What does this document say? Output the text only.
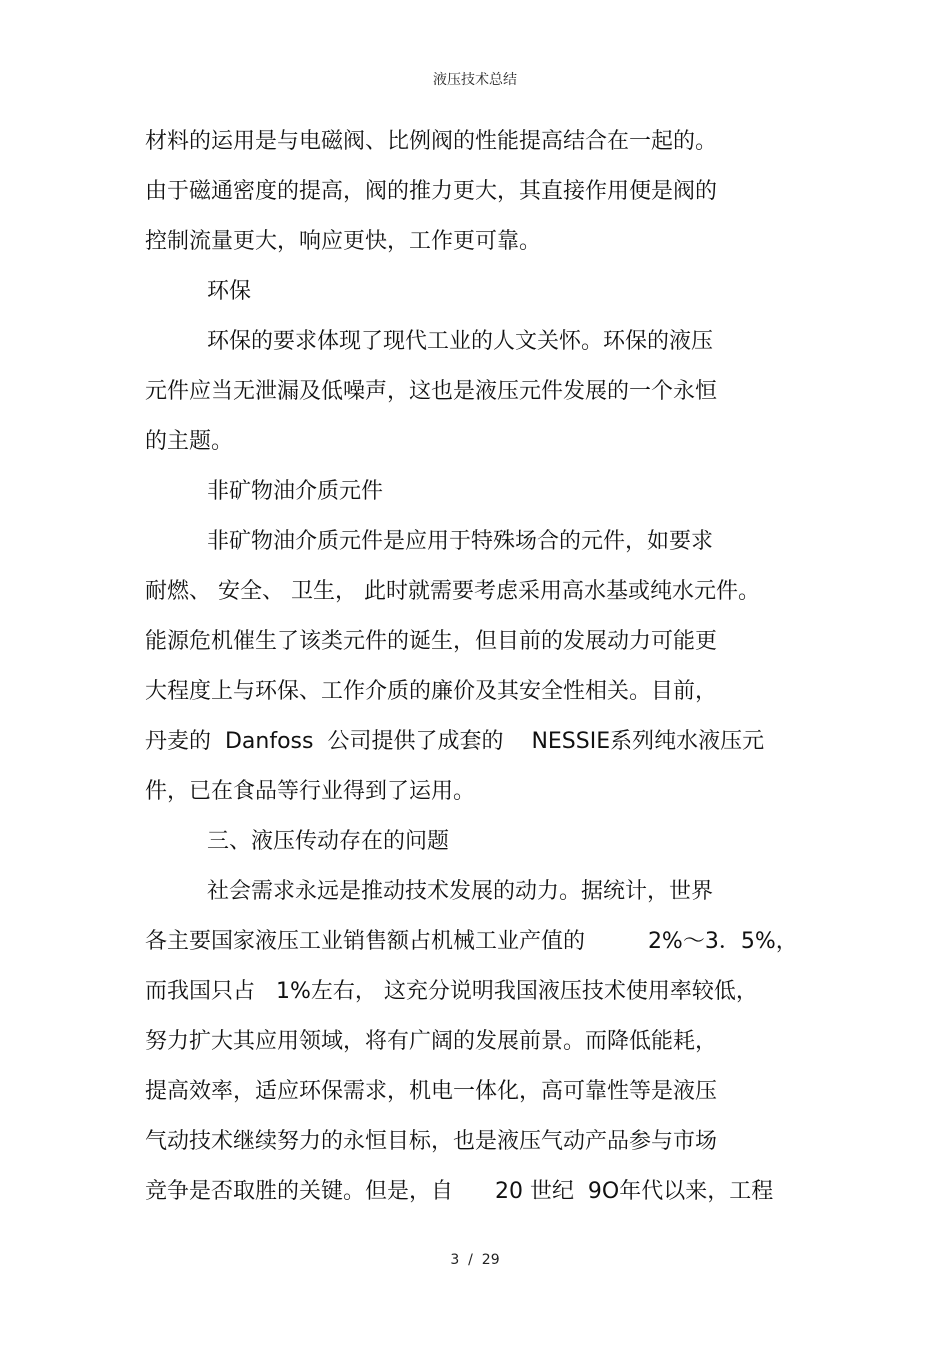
液压技术总结
材料的运用是与电磁阀、比例阀的性能提高结合在一起的。
由于磁通密度的提高，阀的推力更大，其直接作用便是阀的
控制流量更大，响应更快，工作更可靠。
环保
环保的要求体现了现代工业的人文关怀。环保的液压
元件应当无泄漏及低噪声，这也是液压元件发展的一个永恒
的主题。
非矿物油介质元件
非矿物油介质元件是应用于特殊场合的元件，如要求
耐燃、 安全、 卫生， 此时就需要考虑采用高水基或纯水元件。
能源危机催生了该类元件的诞生，但目前的发展动力可能更
大程度上与环保、工作介质的廉价及其安全性相关。目前，
丹麦的  Danfoss  公司提供了成套的    NESSIE系列纯水液压元
件，已在食品等行业得到了运用。
三、液压传动存在的问题
社会需求永远是推动技术发展的动力。据统计，世界
各主要国家液压工业销售额占机械工业产值的         2%～3．5%，
而我国只占   1%左右， 这充分说明我国液压技术使用率较低，
努力扩大其应用领域，将有广阔的发展前景。而降低能耗，
提高效率，适应环保需求，机电一体化，高可靠性等是液压
气动技术继续努力的永恒目标，也是液压气动产品参与市场
竞争是否取胜的关键。但是，自      20 世纪  9O年代以来，工程
3  /  29
